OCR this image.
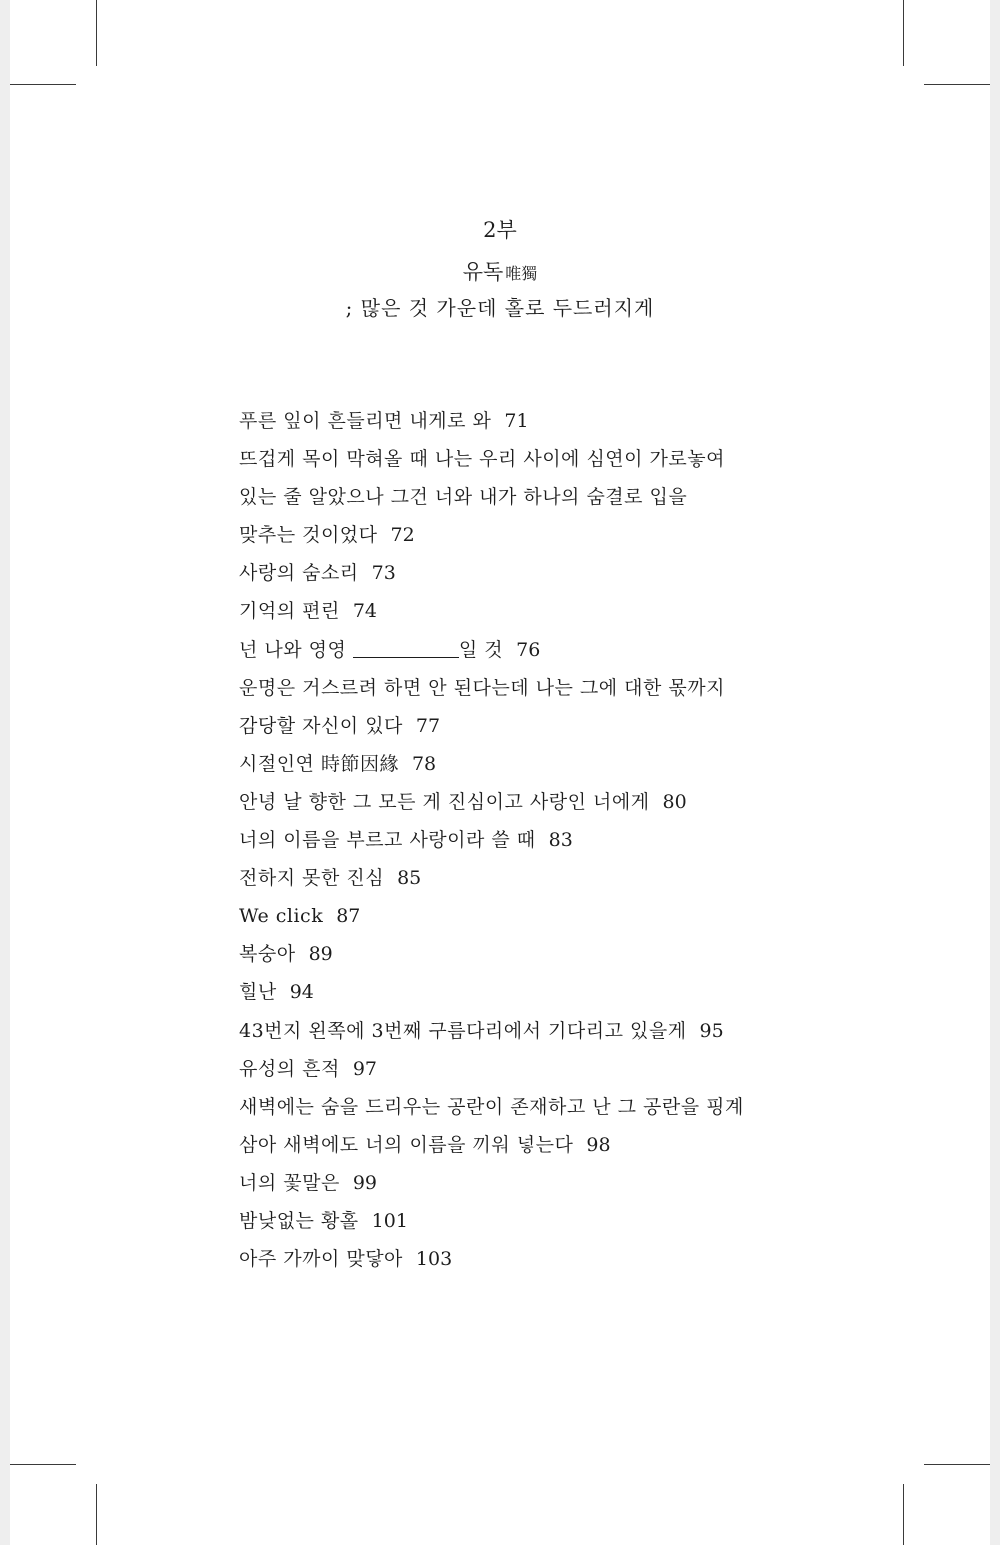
2부
유독 唯獨
; 많은 것 가운데 홀로 두드러지게
푸른 잎이 흔들리면 내게로 와 71
뜨겁게 목이 막혀올 때 나는 우리 사이에 심연이 가로놓여
있는 줄 알았으나 그건 너와 내가 하나의 숨결로 입을
맞추는 것이었다 72
사랑의 숨소리 73
기억의 편린 74
넌 나와 영영	일 것 76
운명은 거스르려 하면 안 된다는데 나는 그에 대한 몫까지
감당할 자신이 있다 77
시절인연 時節因緣 78
안녕 날 향한 그 모든 게 진심이고 사랑인 너에게 80
너의 이름을 부르고 사랑이라 쓸 때 83
전하지 못한 진심 85
We click 87
복숭아 89
힐난 94
43번지 왼쪽에 3번째 구름다리에서 기다리고 있을게 95
유성의 흔적 97
새벽에는 숨을 드리우는 공란이 존재하고 난 그 공란을 핑계
삼아 새벽에도 너의 이름을 끼워 넣는다 98
너의 꽃말은 99
밤낮없는 황홀 101
아주 가까이 맞닿아 103
